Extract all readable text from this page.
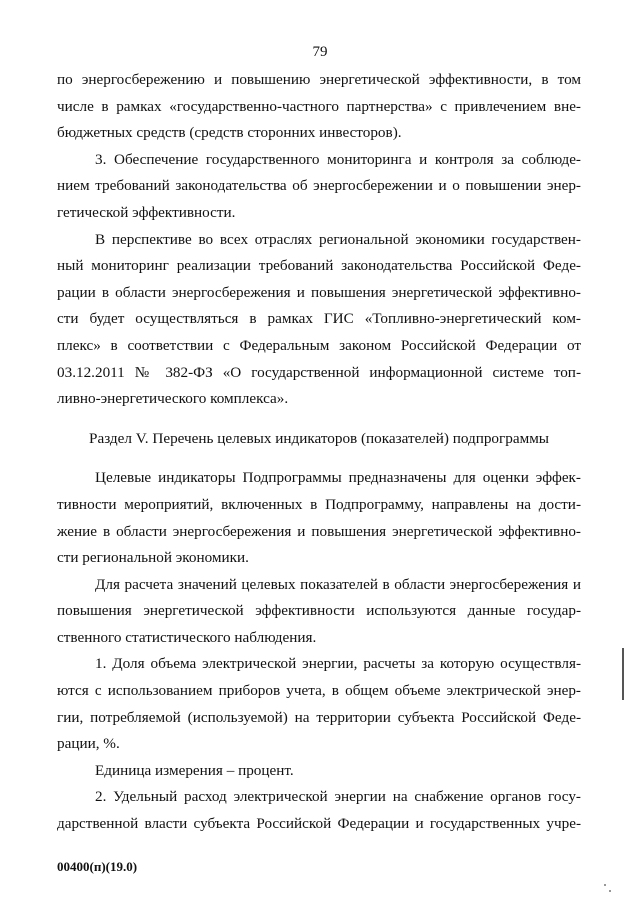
79
по энергосбережению и повышению энергетической эффективности, в том
числе в рамках «государственно-частного партнерства» с привлечением вне-
бюджетных средств (средств сторонних инвесторов).
3. Обеспечение государственного мониторинга и контроля за соблюде-
нием требований законодательства об энергосбережении и о повышении энер-
гетической эффективности.
В перспективе во всех отраслях региональной экономики государствен-
ный мониторинг реализации требований законодательства Российской Феде-
рации в области энергосбережения и повышения энергетической эффективно-
сти будет осуществляться в рамках ГИС «Топливно-энергетический ком-
плекс» в соответствии с Федеральным законом Российской Федерации от
03.12.2011 № 382-ФЗ «О государственной информационной системе топ-
ливно-энергетического комплекса».
Раздел V. Перечень целевых индикаторов (показателей) подпрограммы
Целевые индикаторы Подпрограммы предназначены для оценки эффек-
тивности мероприятий, включенных в Подпрограмму, направлены на дости-
жение в области энергосбережения и повышения энергетической эффективно-
сти региональной экономики.
Для расчета значений целевых показателей в области энергосбережения и
повышения энергетической эффективности используются данные государ-
ственного статистического наблюдения.
1. Доля объема электрической энергии, расчеты за которую осуществля-
ются с использованием приборов учета, в общем объеме электрической энер-
гии, потребляемой (используемой) на территории субъекта Российской Феде-
рации, %.
Единица измерения – процент.
2. Удельный расход электрической энергии на снабжение органов госу-
дарственной власти субъекта Российской Федерации и государственных учре-
00400(п)(19.0)
